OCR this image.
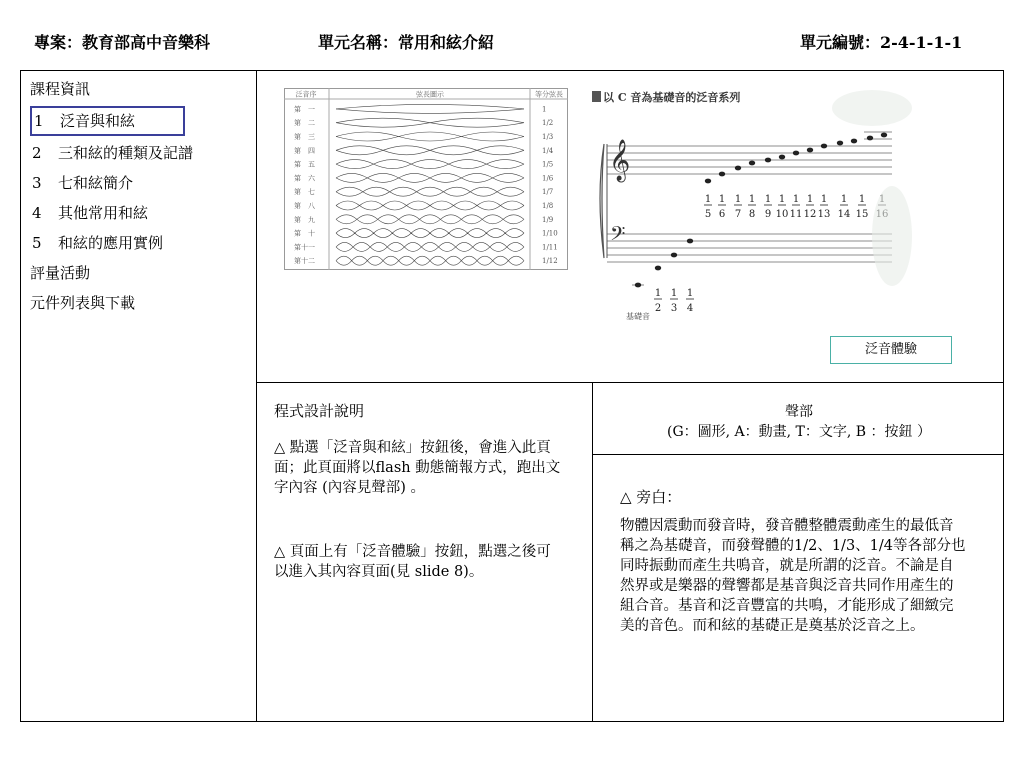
專案：教育部高中音樂科	單元名稱：常用和絃介紹	單元編號：2-4-1-1-1
課程資訊
1 泛音與和絃
2 三和絃的種類及記譜
3 七和絃簡介
4 其他常用和絃
5 和絃的應用實例
評量活動
元件列表與下載
泛音序	弦長圖示	等分弦長
第　一	1
第　二	1/2
第　三	1/3
第　四	1/4
第　五	1/5
第　六	1/6
第　七	1/7
第　八	1/8
第　九	1/9
第　十	1/10
第十一	1/11
第十二	1/12
以 C 音為基礎音的泛音系列
𝄞
𝄢
1
5
1
6
1
7
1
8
1
9
1
10
1
11
1
12
1
13
1
14
1
15
1
2
1
3
1
4
基礎音
泛音體驗
程式設計說明
△ 點選「泛音與和絃」按鈕後，會進入此頁面；此頁面將以flash 動態簡報方式，跑出文字內容 (內容見聲部) 。
△ 頁面上有「泛音體驗」按鈕，點選之後可以進入其內容頁面(見 slide 8)。
聲部
(G：圖形, A：動畫, T：文字, B ：按鈕 ）
△ 旁白：
物體因震動而發音時，發音體整體震動產生的最低音稱之為基礎音，而發聲體的1/2、1/3、1/4等各部分也同時振動而產生共鳴音，就是所謂的泛音。不論是自然界或是樂器的聲響都是基音與泛音共同作用產生的組合音。基音和泛音豐富的共鳴，才能形成了細緻完美的音色。而和絃的基礎正是奠基於泛音之上。
